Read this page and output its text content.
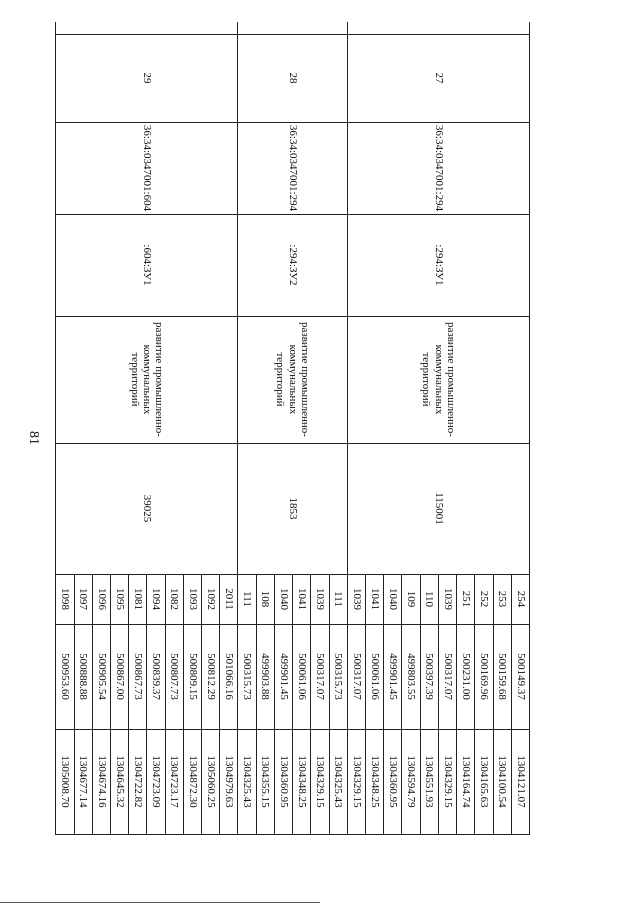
81
	27	36:34:0347001:294	:294:ЗУ1	развитие промышленно-коммунальных территорий	115001	254	500149.37	1304121.07
						253	500159.68	1304100.54
						252	500169.96	1304165.63
						251	500231.00	1304164.74
						1039	500317.07	1304329.15
						110	500397.39	1304551.93
						109	499803.55	1304594.79
						1040	499901.45	1304360.95
						1041	500061.06	1304348.25
						1039	500317.07	1304329.15
	28	36:34:0347001:294	:294:ЗУ2	развитие промышленно-коммунальных территорий	1853	111	500315.73	1304325.43
						1039	500317.07	1304329.15
						1041	500061.06	1304348.25
						1040	499901.45	1304360.95
						108	499903.88	1304355.15
						111	500315.73	1304325.43
	29	36:34:0347001:604	:604:ЗУ1	развитие промышленно-коммунальных территорий	39025	2011	501066.16	1304979.63
						1092	500812.29	1305060.25
						1093	500809.15	1304872.30
						1082	500807.73	1304723.17
						1094	500839.37	1304723.09
						1081	500867.73	1304722.82
						1095	500867.00	1304645.32
						1096	500905.54	1304674.16
						1097	500888.88	1304677.14
						1098	500953.60	1305008.70
